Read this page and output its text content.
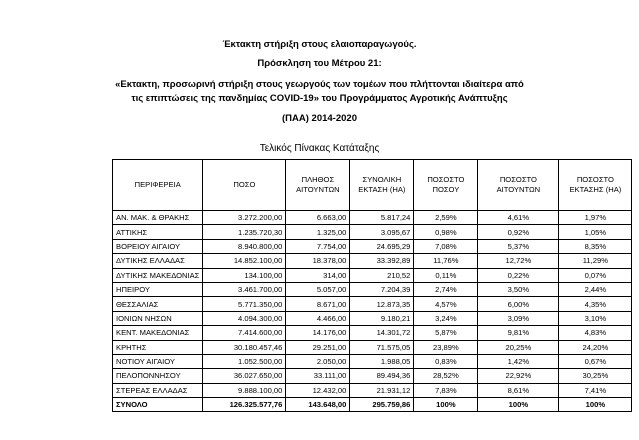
Έκτακτη στήριξη στους ελαιοπαραγωγούς.
Πρόσκληση του Μέτρου 21:
«Εκτακτη, προσωρινή στήριξη στους γεωργούς των τομέων που πλήττονται ιδιαίτερα από
τις επιπτώσεις της πανδημίας COVID-19» του Προγράμματος Αγροτικής Ανάπτυξης
(ΠΑΑ) 2014-2020
Τελικός Πίνακας Κατάταξης
ΠΕΡΙΦΕΡΕΙΑ	ΠΟΣΟ	ΠΛΗΘΟΣ ΑΙΤΟΥΝΤΩΝ	ΣΥΝΟΛΙΚΗ ΕΚΤΑΣΗ (HA)	ΠΟΣΟΣΤΟ ΠΟΣΟΥ	ΠΟΣΟΣΤΟ ΑΙΤΟΥΝΤΩΝ	ΠΟΣΟΣΤΟ ΕΚΤΑΣΗΣ (HA)
ΑΝ. ΜΑΚ. & ΘΡΑΚΗΣ	3.272.200,00	6.663,00	5.817,24	2,59%	4,61%	1,97%
ΑΤΤΙΚΗΣ	1.235.720,30	1.325,00	3.095,67	0,98%	0,92%	1,05%
ΒΟΡΕΙΟΥ ΑΙΓΑΙΟΥ	8.940.800,00	7.754,00	24.695,29	7,08%	5,37%	8,35%
ΔΥΤΙΚΗΣ ΕΛΛΑΔΑΣ	14.852.100,00	18.378,00	33.392,89	11,76%	12,72%	11,29%
ΔΥΤΙΚΗΣ ΜΑΚΕΔΟΝΙΑΣ	134.100,00	314,00	210,52	0,11%	0,22%	0,07%
ΗΠΕΙΡΟΥ	3.461.700,00	5.057,00	7.204,39	2,74%	3,50%	2,44%
ΘΕΣΣΑΛΙΑΣ	5.771.350,00	8.671,00	12.873,35	4,57%	6,00%	4,35%
ΙΟΝΙΩΝ ΝΗΣΩΝ	4.094.300,00	4.466,00	9.180,21	3,24%	3,09%	3,10%
ΚΕΝΤ. ΜΑΚΕΔΟΝΙΑΣ	7.414.600,00	14.176,00	14.301,72	5,87%	9,81%	4,83%
ΚΡΗΤΗΣ	30.180.457,46	29.251,00	71.575,05	23,89%	20,25%	24,20%
ΝΟΤΙΟΥ ΑΙΓΑΙΟΥ	1.052.500,00	2.050,00	1.988,05	0,83%	1,42%	0,67%
ΠΕΛΟΠΟΝΝΗΣΟΥ	36.027.650,00	33.111,00	89.494,36	28,52%	22,92%	30,25%
ΣΤΕΡΕΑΣ ΕΛΛΑΔΑΣ	9.888.100,00	12.432,00	21.931,12	7,83%	8,61%	7,41%
ΣΥΝΟΛΟ	126.325.577,76	143.648,00	295.759,86	100%	100%	100%
